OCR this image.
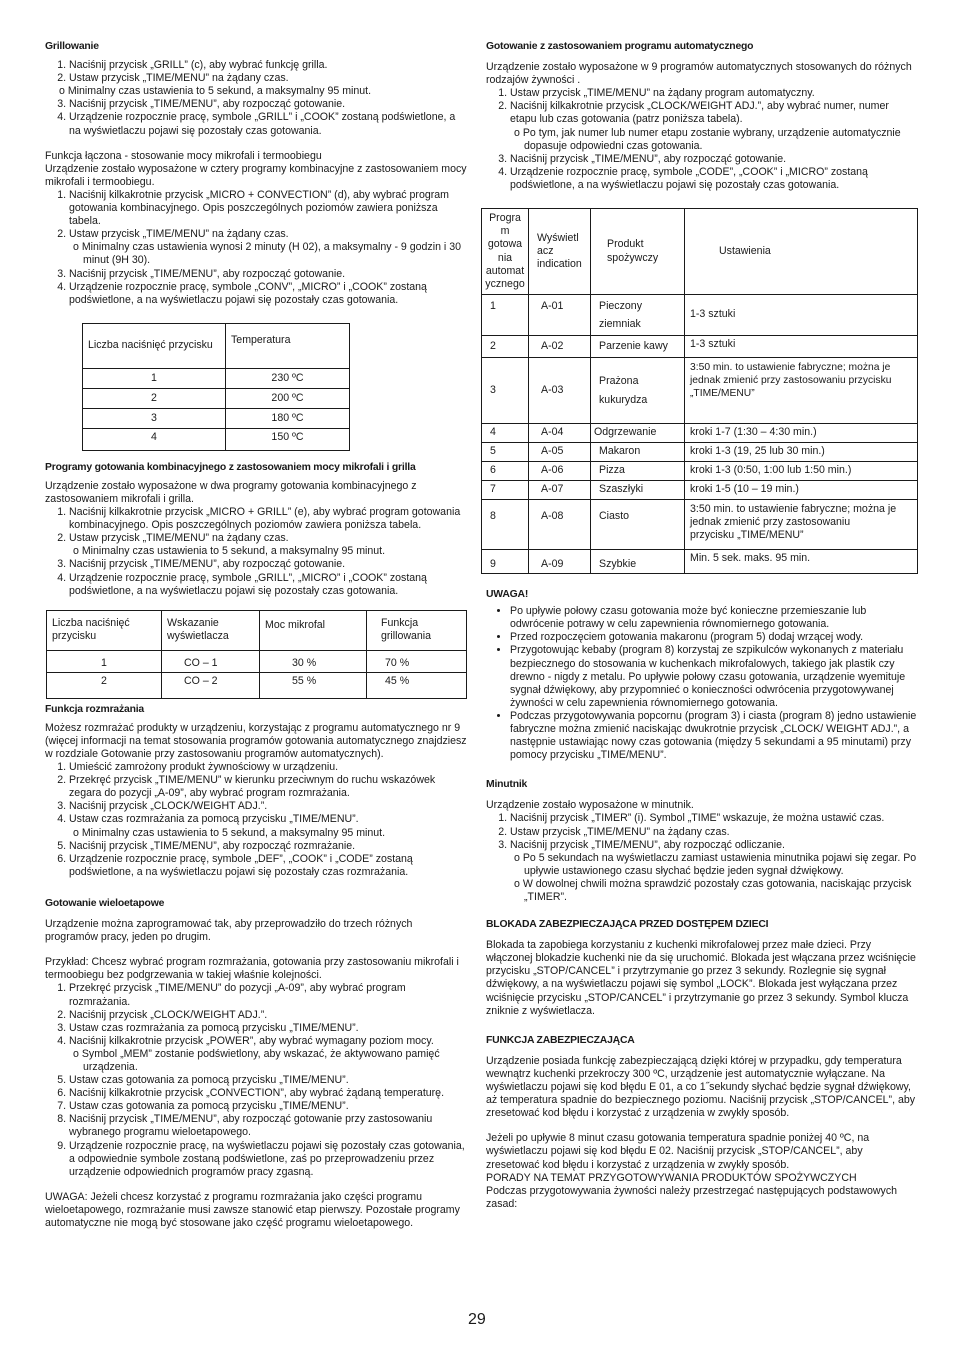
Grillowanie
1. Naciśnij przycisk „GRILL” (c), aby wybrać funkcję grilla.
2. Ustaw przycisk „TIME/MENU” na żądany czas.
o Minimalny czas ustawienia to 5 sekund, a maksymalny 95 minut.
3. Naciśnij przycisk „TIME/MENU”, aby rozpocząć gotowanie.
4. Urządzenie rozpocznie pracę, symbole „GRILL” i „COOK” zostaną podświetlone, a na wyświetlaczu pojawi się pozostały czas gotowania.

Funkcja łączona - stosowanie mocy mikrofali i termoobiegu

Urządzenie zostało wyposażone w cztery programy kombinacyjne z zastosowaniem mocy mikrofali i termoobiegu.

1. Naciśnij kilkakrotnie przycisk „MICRO + CONVECTION” (d), aby wybrać program gotowania kombinacyjnego. Opis poszczególnych poziomów zawiera poniższa tabela.
2. Ustaw przycisk „TIME/MENU” na żądany czas.
o Minimalny czas ustawienia wynosi 2 minuty (H 02), a maksymalny - 9 godzin i 30 minut (9H 30).
3. Naciśnij przycisk „TIME/MENU”, aby rozpocząć gotowanie.
4. Urządzenie rozpocznie pracę, symbole „CONV”, „MICRO” i „COOK” zostaną podświetlone, a na wyświetlaczu pojawi się pozostały czas gotowania.
Liczba naciśnięć przycisku	Temperatura
1	230 ºC
2	200 ºC
3	180 ºC
4	150 ºC
Programy gotowania kombinacyjnego z zastosowaniem mocy mikrofali i grilla

Urządzenie zostało wyposażone w dwa programy gotowania kombinacyjnego z zastosowaniem mikrofali i grilla.

1. Naciśnij kilkakrotnie przycisk „MICRO + GRILL” (e), aby wybrać program gotowania kombinacyjnego. Opis poszczególnych poziomów zawiera poniższa tabela.
2. Ustaw przycisk „TIME/MENU” na żądany czas.
o Minimalny czas ustawienia to 5 sekund, a maksymalny 95 minut.
3. Naciśnij przycisk „TIME/MENU”, aby rozpocząć gotowanie.
4. Urządzenie rozpocznie pracę, symbole „GRILL”, „MICRO” i „COOK” zostaną podświetlone, a na wyświetlaczu pojawi się pozostały czas gotowania.
Liczba naciśnięć przycisku	Wskazanie wyświetlacza	Moc mikrofal	Funkcja grillowania
1	CO – 1	30 %	70 %
2	CO – 2	55 %	45 %
Funkcja rozmrażania

Możesz rozmrażać produkty w urządzeniu, korzystając z programu automatycznego nr 9 (więcej informacji na temat stosowania programów gotowania automatycznego znajdziesz w rozdziale Gotowanie przy zastosowaniu programów automatycznych).

1. Umieścić zamrożony produkt żywnościowy w urządzeniu.
2. Przekręć przycisk „TIME/MENU” w kierunku przeciwnym do ruchu wskazówek zegara do pozycji „A-09”, aby wybrać program rozmrażania.
3. Naciśnij przycisk „CLOCK/WEIGHT ADJ.”.
4. Ustaw czas rozmrażania za pomocą przycisku „TIME/MENU”.
o Minimalny czas ustawienia to 5 sekund, a maksymalny 95 minut.
5. Naciśnij przycisk „TIME/MENU”, aby rozpocząć rozmrażanie.
6. Urządzenie rozpocznie pracę, symbole „DEF”, „COOK” i „CODE” zostaną podświetlone, a na wyświetlaczu pojawi się pozostały czas rozmrażania.
Gotowanie wieloetapowe

Urządzenie można zaprogramować tak, aby przeprowadziło do trzech różnych programów pracy, jeden po drugim.

Przykład: Chcesz wybrać program rozmrażania, gotowania przy zastosowaniu mikrofali i termoobiegu bez podgrzewania w takiej właśnie kolejności.

1. Przekręć przycisk „TIME/MENU” do pozycji „A-09”, aby wybrać program rozmrażania.
2. Naciśnij przycisk „CLOCK/WEIGHT ADJ.”.
3. Ustaw czas rozmrażania za pomocą przycisku „TIME/MENU”.
4. Naciśnij kilkakrotnie przycisk „POWER”, aby wybrać wymagany poziom mocy.
o Symbol „MEM” zostanie podświetlony, aby wskazać, że aktywowano pamięć urządzenia.
5. Ustaw czas gotowania za pomocą przycisku „TIME/MENU”.
6. Naciśnij kilkakrotnie przycisk „CONVECTION”, aby wybrać żądaną temperaturę.
7. Ustaw czas gotowania za pomocą przycisku „TIME/MENU”.
8. Naciśnij przycisk „TIME/MENU”, aby rozpocząć gotowanie przy zastosowaniu wybranego programu wieloetapowego.
9. Urządzenie rozpocznie pracę, na wyświetlaczu pojawi się pozostały czas gotowania, a odpowiednie symbole zostaną podświetlone, zaś po przeprowadzeniu przez urządzenie odpowiednich programów pracy zgasną.

UWAGA: Jeżeli chcesz korzystać z programu rozmrażania jako części programu wieloetapowego, rozmrażanie musi zawsze stanowić etap pierwszy. Pozostałe programy automatyczne nie mogą być stosowane jako część programu wieloetapowego.

Gotowanie z zastosowaniem programu automatycznego

Urządzenie zostało wyposażone w 9 programów automatycznych stosowanych do różnych rodzajów żywności .

1. Ustaw przycisk „TIME/MENU” na żądany program automatyczny.
2. Naciśnij kilkakrotnie przycisk „CLOCK/WEIGHT ADJ.”, aby wybrać numer, numer etapu lub czas gotowania (patrz poniższa tabela).
o Po tym, jak numer lub numer etapu zostanie wybrany, urządzenie automatycznie dopasuje odpowiedni czas gotowania.
3. Naciśnij przycisk „TIME/MENU”, aby rozpocząć gotowanie.
4. Urządzenie rozpocznie pracę, symbole „CODE”, „COOK” i „MICRO” zostaną podświetlone, a na wyświetlaczu pojawi się pozostały czas gotowania.
Progra m gotowa nia automat ycznego	Wyświetl acz indication	Produkt spożywczy	Ustawienia
1	A-01	Pieczony ziemniak	1-3 sztuki
2	A-02	Parzenie kawy	1-3 sztuki
3	A-03	Prażona kukurydza	3:50 min. to ustawienie fabryczne; można je jednak zmienić przy zastosowaniu przycisku „TIME/MENU”
4	A-04	Odgrzewanie	kroki 1-7 (1:30 – 4:30 min.)
5	A-05	Makaron	kroki 1-3 (19, 25 lub 30 min.)
6	A-06	Pizza	kroki 1-3 (0:50, 1:00 lub 1:50 min.)
7	A-07	Szaszłyki	kroki 1-5 (10 – 19 min.)
8	A-08	Ciasto	3:50 min. to ustawienie fabryczne; można je jednak zmienić przy zastosowaniu przycisku „TIME/MENU”
9	A-09	Szybkie	Min. 5 sek. maks. 95 min.
UWAGA!
• Po upływie połowy czasu gotowania może być konieczne przemieszanie lub odwrócenie potrawy w celu zapewnienia równomiernego gotowania.
• Przed rozpoczęciem gotowania makaronu (program 5) dodaj wrzącej wody.
• Przygotowując kebaby (program 8) korzystaj ze szpikulców wykonanych z materiału bezpiecznego do stosowania w kuchenkach mikrofalowych, takiego jak plastik czy drewno - nigdy z metalu. Po upływie połowy czasu gotowania, urządzenie wyemituje sygnał dźwiękowy, aby przypomnieć o konieczności odwrócenia przygotowywanej żywności w celu zapewnienia równomiernego gotowania.
• Podczas przygotowywania popcornu (program 3) i ciasta (program 8) jedno ustawienie fabryczne można zmienić naciskając dwukrotnie przycisk „CLOCK/ WEIGHT ADJ.”, a następnie ustawiając nowy czas gotowania (między 5 sekundami a 95 minutami) przy pomocy przycisku „TIME/MENU”.
Minutnik

Urządzenie zostało wyposażone w minutnik.

1. Naciśnij przycisk „TIMER” (i). Symbol „TIME” wskazuje, że można ustawić czas.
2. Ustaw przycisk „TIME/MENU” na żądany czas.
3. Naciśnij przycisk „TIME/MENU”, aby rozpocząć odliczanie.
o Po 5 sekundach na wyświetlaczu zamiast ustawienia minutnika pojawi się zegar. Po upływie ustawionego czasu słychać będzie jeden sygnał dźwiękowy.
o W dowolnej chwili można sprawdzić pozostały czas gotowania, naciskając przycisk „TIMER”.
BLOKADA ZABEZPIECZAJĄCA PRZED DOSTĘPEM DZIECI

Blokada ta zapobiega korzystaniu z kuchenki mikrofalowej przez małe dzieci. Przy włączonej blokadzie kuchenki nie da się uruchomić. Blokada jest włączana przez wciśnięcie przycisku „STOP/CANCEL” i przytrzymanie go przez 3 sekundy. Rozlegnie się sygnał dźwiękowy, a na wyświetlaczu pojawi się symbol „LOCK”. Blokada jest wyłączana przez wciśnięcie przycisku „STOP/CANCEL” i przytrzymanie go przez 3 sekundy. Symbol klucza zniknie z wyświetlacza.

FUNKCJA ZABEZPIECZAJĄCA

Urządzenie posiada funkcję zabezpieczającą dzięki której w przypadku, gdy temperatura wewnątrz kuchenki przekroczy 300 ºC, urządzenie jest automatycznie wyłączane. Na wyświetlaczu pojawi się kod błędu E 01, a co 1˝sekundy słychać będzie sygnał dźwiękowy, aż temperatura spadnie do bezpiecznego poziomu. Naciśnij przycisk „STOP/CANCEL”, aby zresetować kod błędu i korzystać z urządzenia w zwykły sposób.

Jeżeli po upływie 8 minut czasu gotowania temperatura spadnie poniżej 40 ºC, na wyświetlaczu pojawi się kod błędu E 02. Naciśnij przycisk „STOP/CANCEL”, aby zresetować kod błędu i korzystać z urządzenia w zwykły sposób.

PORADY NA TEMAT PRZYGOTOWYWANIA PRODUKTÓW SPOŻYWCZYCH

Podczas przygotowywania żywności należy przestrzegać następujących podstawowych zasad:

29
